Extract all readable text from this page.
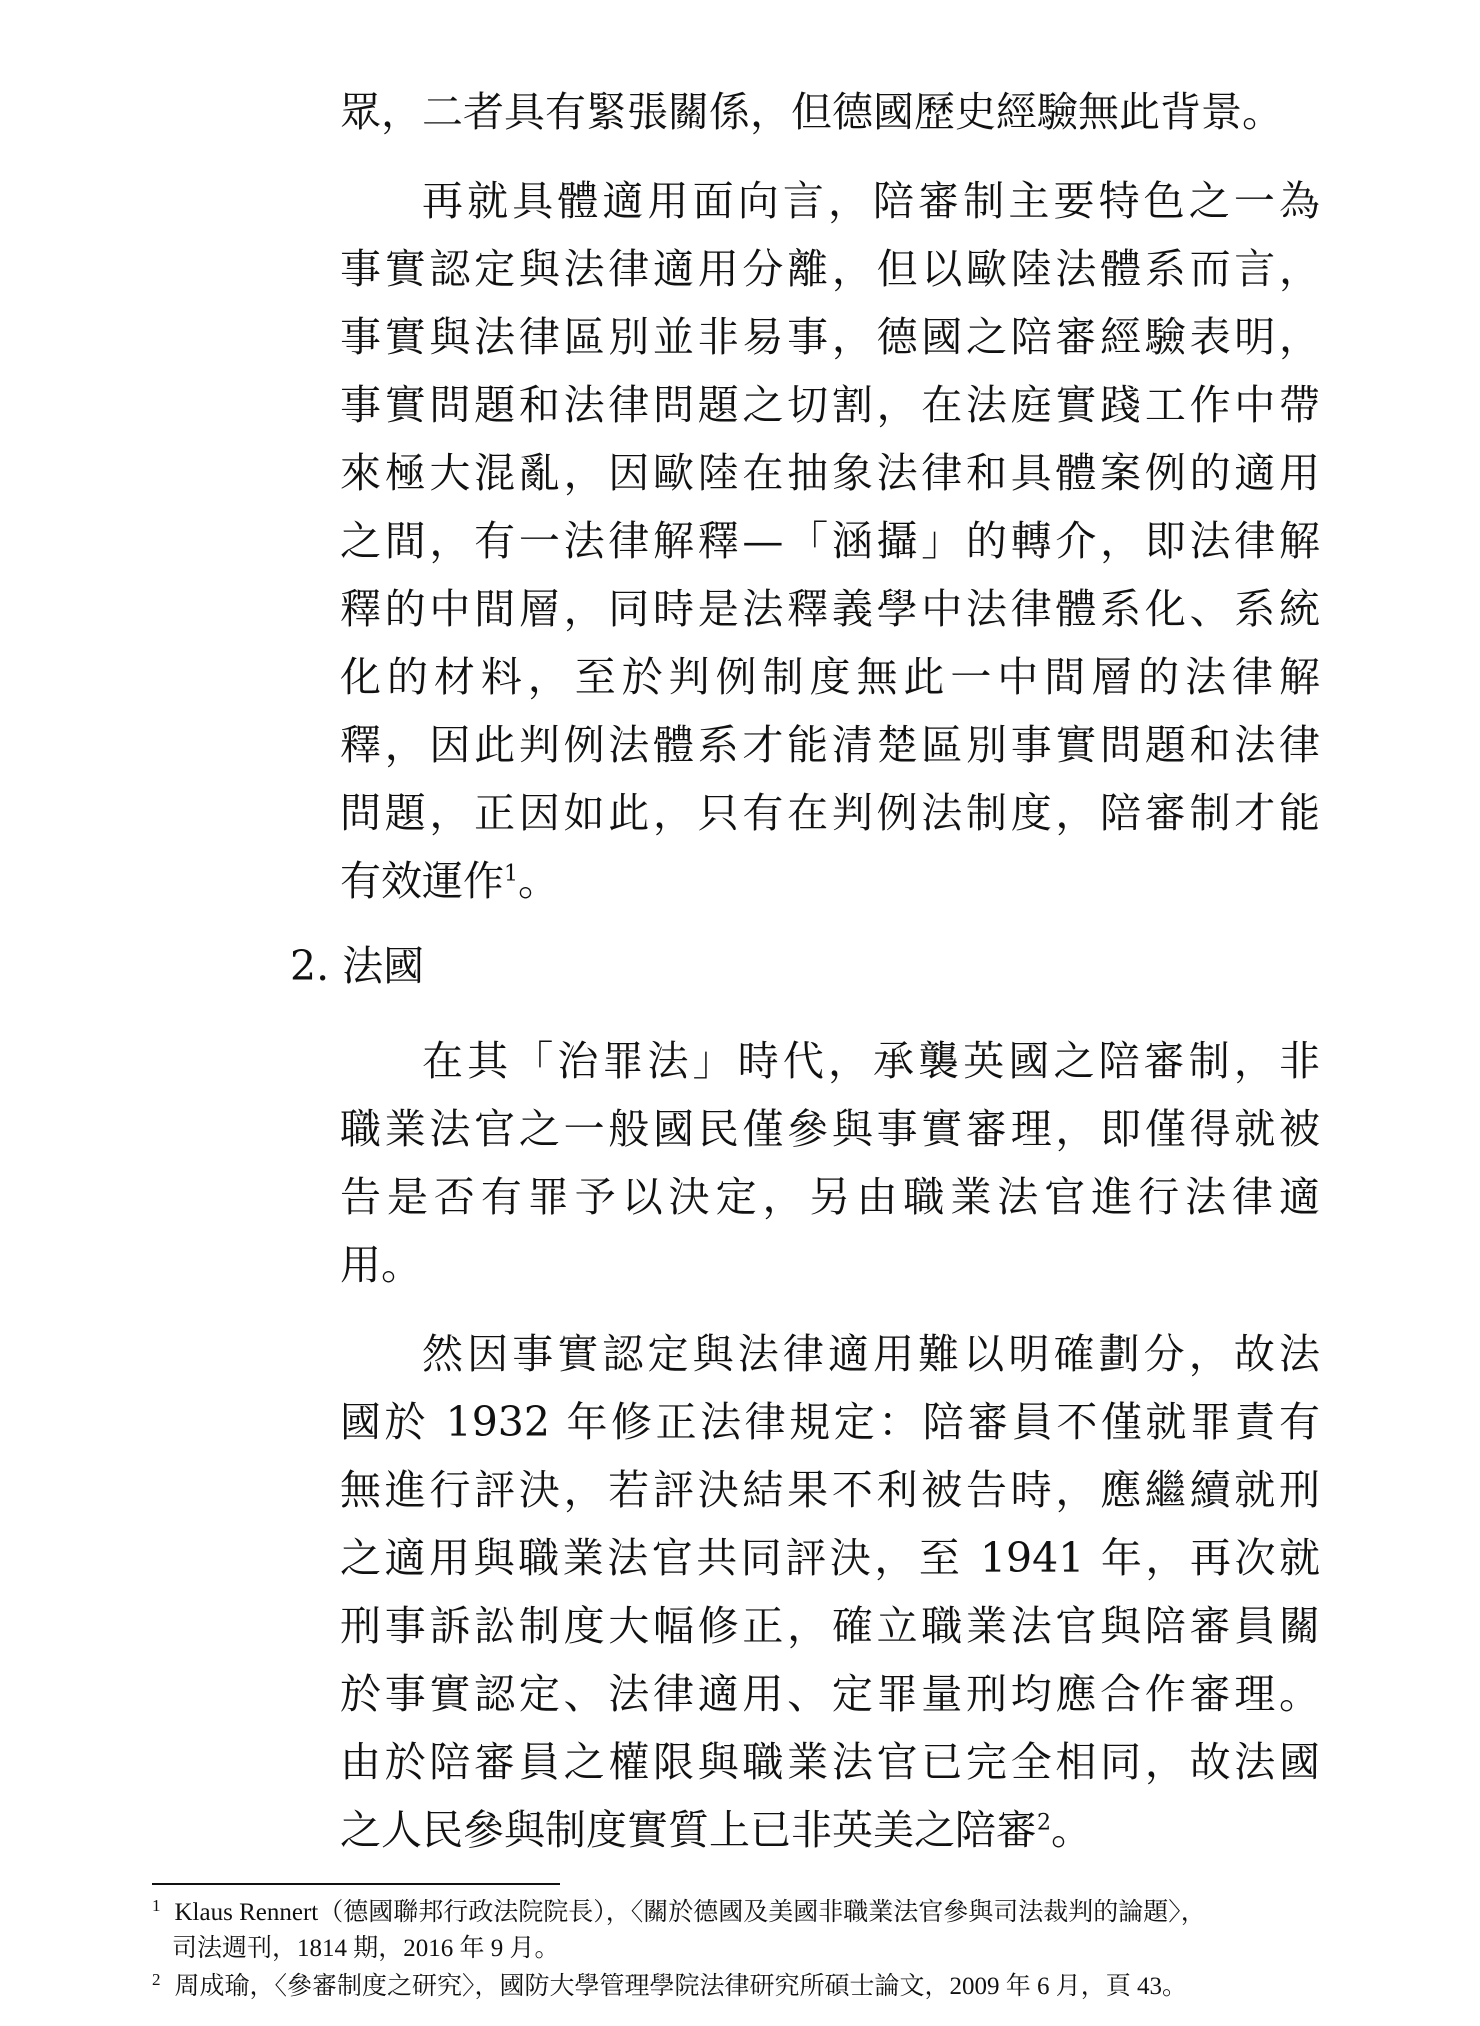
眾，二者具有緊張關係，但德國歷史經驗無此背景。
再就具體適用面向言，陪審制主要特色之一為
事實認定與法律適用分離，但以歐陸法體系而言，
事實與法律區別並非易事，德國之陪審經驗表明，
事實問題和法律問題之切割，在法庭實踐工作中帶
來極大混亂，因歐陸在抽象法律和具體案例的適用
之間，有一法律解釋—「涵攝」的轉介，即法律解
釋的中間層，同時是法釋義學中法律體系化、系統
化的材料，至於判例制度無此一中間層的法律解
釋，因此判例法體系才能清楚區別事實問題和法律
問題，正因如此，只有在判例法制度，陪審制才能
有效運作$^1$。
2. 法國
在其「治罪法」時代，承襲英國之陪審制，非
職業法官之一般國民僅參與事實審理，即僅得就被
告是否有罪予以決定，另由職業法官進行法律適
用。
然因事實認定與法律適用難以明確劃分，故法
國於 1932 年修正法律規定：陪審員不僅就罪責有
無進行評決，若評決結果不利被告時，應繼續就刑
之適用與職業法官共同評決，至 1941 年，再次就
刑事訴訟制度大幅修正，確立職業法官與陪審員關
於事實認定、法律適用、定罪量刑均應合作審理。
由於陪審員之權限與職業法官已完全相同，故法國
之人民參與制度實質上已非英美之陪審$^2$。
$^1$ Klaus Rennert（德國聯邦行政法院院長），〈關於德國及美國非職業法官參與司法裁判的論題〉，
司法週刊，1814 期，2016 年 9 月。
$^2$ 周成瑜，〈參審制度之研究〉，國防大學管理學院法律研究所碩士論文，2009 年 6 月，頁 43。
